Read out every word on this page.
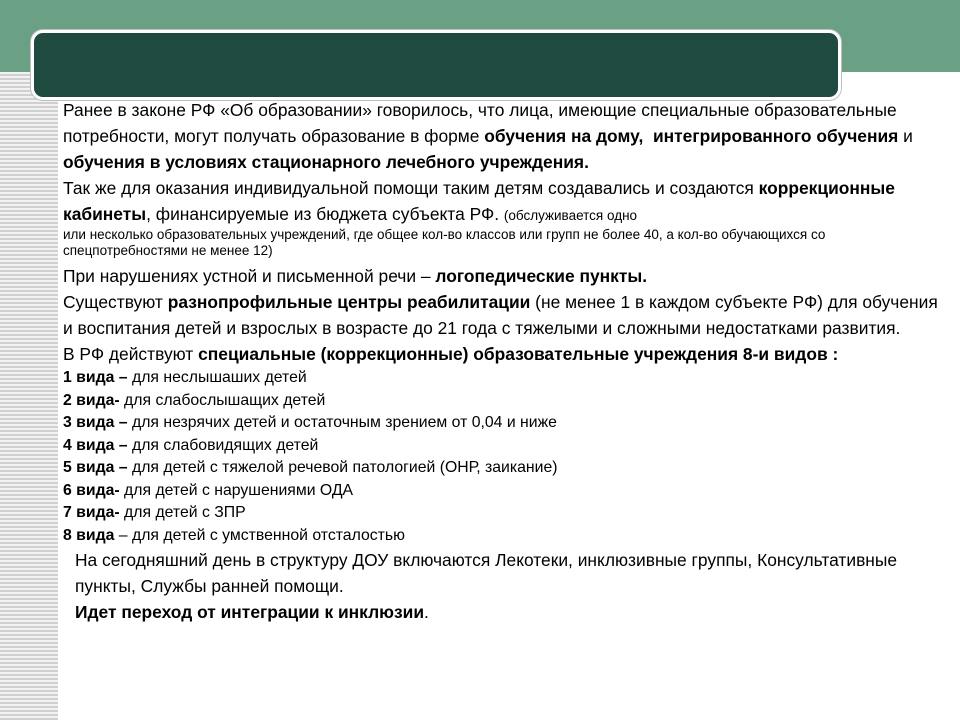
Ранее в законе РФ «Об образовании» говорилось, что лица, имеющие специальные образовательные потребности, могут получать образование в форме обучения на дому, интегрированного обучения и обучения в условиях стационарного лечебного учреждения.

Так же для оказания индивидуальной помощи таким детям создавались и создаются коррекционные кабинеты, финансируемые из бюджета субъекта РФ. (обслуживается одно
или несколько образовательных учреждений, где общее кол-во классов или групп не более 40, а кол-во обучающихся со спецпотребностями не менее 12)

При нарушениях устной и письменной речи – логопедические пункты.

Существуют разнопрофильные центры реабилитации (не менее 1 в каждом субъекте РФ) для обучения и воспитания детей и взрослых в возрасте до 21 года с тяжелыми и сложными недостатками развития.

В РФ действуют специальные (коррекционные) образовательные учреждения 8-и видов :

1 вида – для неслышаших детей
2 вида- для слабослышащих детей
3 вида – для незрячих детей и остаточным зрением от 0,04 и ниже
4 вида – для слабовидящих детей
5 вида – для детей с тяжелой речевой патологией (ОНР, заикание)
6 вида- для детей с нарушениями ОДА
7 вида- для детей с ЗПР
8 вида – для детей с умственной отсталостью

На сегодняшний день в структуру ДОУ включаются Лекотеки, инклюзивные группы, Консультативные пункты, Службы ранней помощи.

Идет переход от интеграции к инклюзии.
